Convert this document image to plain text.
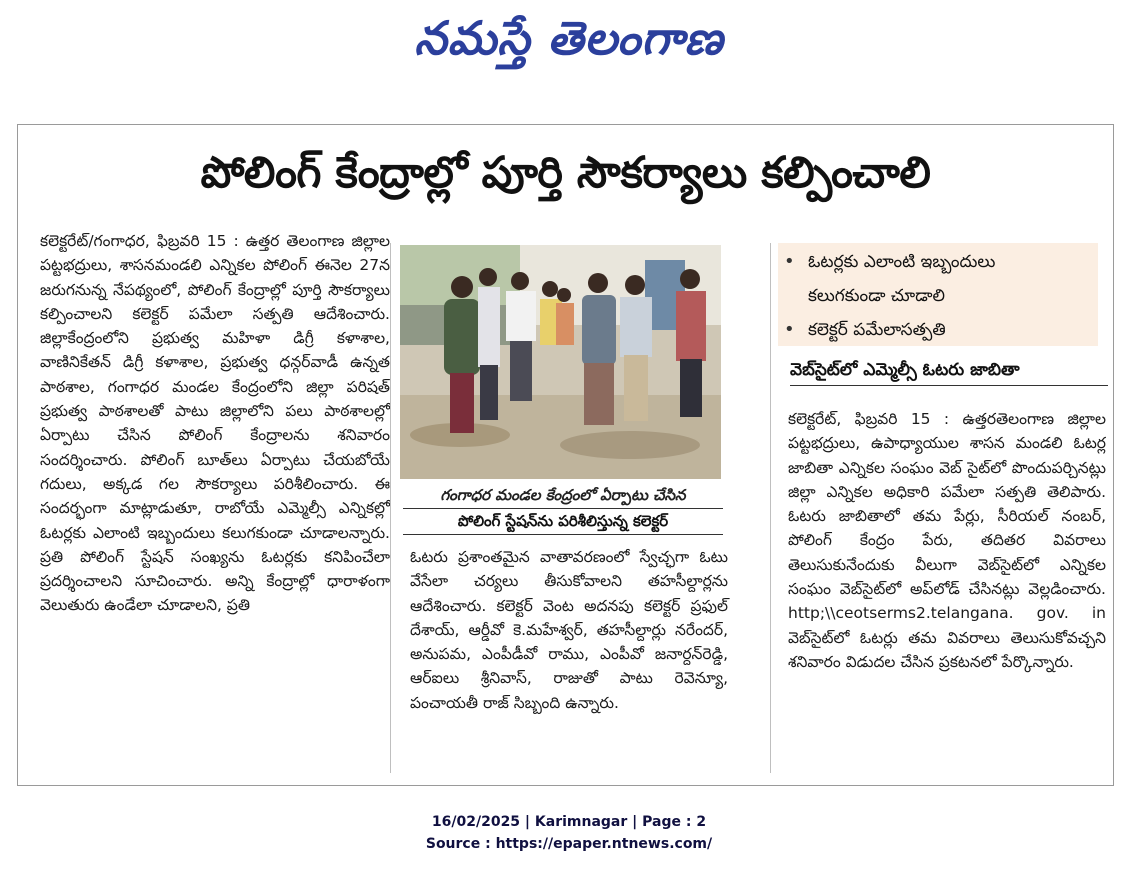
నమస్తే తెలంగాణ
పోలింగ్ కేంద్రాల్లో పూర్తి సౌకర్యాలు కల్పించాలి
కలెక్టరేట్/గంగాధర, ఫిబ్రవరి 15 : ఉత్తర తెలంగాణ జిల్లాల పట్టభద్రులు, శాసనమండలి ఎన్నికల పోలింగ్ ఈనెల 27న జరుగనున్న నేపథ్యంలో, పోలింగ్ కేంద్రాల్లో పూర్తి సౌకర్యాలు కల్పించాలని కలెక్టర్ పమేలా సత్పతి ఆదేశించారు. జిల్లాకేంద్రంలోని ప్రభుత్వ మహిళా డిగ్రీ కళాశాల, వాణినికేతన్ డిగ్రీ కళాశాల, ప్రభుత్వ ధన్గర్‌వాడీ ఉన్నత పాఠశాల, గంగాధర మండల కేంద్రంలోని జిల్లా పరిషత్ ప్రభుత్వ పాఠశాలతో పాటు జిల్లాలోని పలు పాఠశాలల్లో ఏర్పాటు చేసిన పోలింగ్ కేంద్రాలను శనివారం సందర్శించారు. పోలింగ్ బూత్‌లు ఏర్పాటు చేయబోయే గదులు, అక్కడ గల సౌకర్యాలు పరిశీలించారు. ఈ సందర్భంగా మాట్లాడుతూ, రాబోయే ఎమ్మెల్సీ ఎన్నికల్లో ఓటర్లకు ఎలాంటి ఇబ్బందులు కలుగకుండా చూడాలన్నారు. ప్రతి పోలింగ్ స్టేషన్ సంఖ్యను ఓటర్లకు కనిపించేలా ప్రదర్శించాలని సూచించారు. అన్ని కేంద్రాల్లో ధారాళంగా వెలుతురు ఉండేలా చూడాలని, ప్రతి
గంగాధర మండల కేంద్రంలో ఏర్పాటు చేసిన
పోలింగ్ స్టేషన్‌ను పరిశీలిస్తున్న కలెక్టర్
ఓటరు ప్రశాంతమైన వాతావరణంలో స్వేచ్ఛగా ఓటు వేసేలా చర్యలు తీసుకోవాలని తహసీల్దార్లను ఆదేశించారు. కలెక్టర్ వెంట అదనపు కలెక్టర్ ప్రఫుల్ దేశాయ్, ఆర్డీవో కె.మహేశ్వర్, తహసీల్దార్లు నరేందర్, అనుపమ, ఎంపీడీవో రాము, ఎంపీవో జనార్దన్‌రెడ్డి, ఆర్‌ఐలు శ్రీనివాస్, రాజుతో పాటు రెవెన్యూ, పంచాయతీ రాజ్ సిబ్బంది ఉన్నారు.
• ఓటర్లకు ఎలాంటి ఇబ్బందులు
కలుగకుండా చూడాలి
• కలెక్టర్ పమేలాసత్పతి
వెబ్‌సైట్‌లో ఎమ్మెల్సీ ఓటరు జాబితా
కలెక్టరేట్, ఫిబ్రవరి 15 : ఉత్తరతెలంగాణ జిల్లాల పట్టభద్రులు, ఉపాధ్యాయుల శాసన మండలి ఓటర్ల జాబితా ఎన్నికల సంఘం వెబ్ సైట్‌లో పొందుపర్చినట్లు జిల్లా ఎన్నికల అధికారి పమేలా సత్పతి తెలిపారు. ఓటరు జాబితాలో తమ పేర్లు, సీరియల్ నంబర్, పోలింగ్ కేంద్రం పేరు, తదితర వివరాలు తెలుసుకునేందుకు వీలుగా వెబ్‌సైట్‌లో ఎన్నికల సంఘం వెబ్‌సైట్‌లో అప్‌లోడ్ చేసినట్లు వెల్లడించారు. http;\\ceotserms2.telangana. gov. in వెబ్‌సైట్‌లో ఓటర్లు తమ వివరాలు తెలుసుకోవచ్చని శనివారం విడుదల చేసిన ప్రకటనలో పేర్కొన్నారు.
16/02/2025 | Karimnagar | Page : 2
Source : https://epaper.ntnews.com/
